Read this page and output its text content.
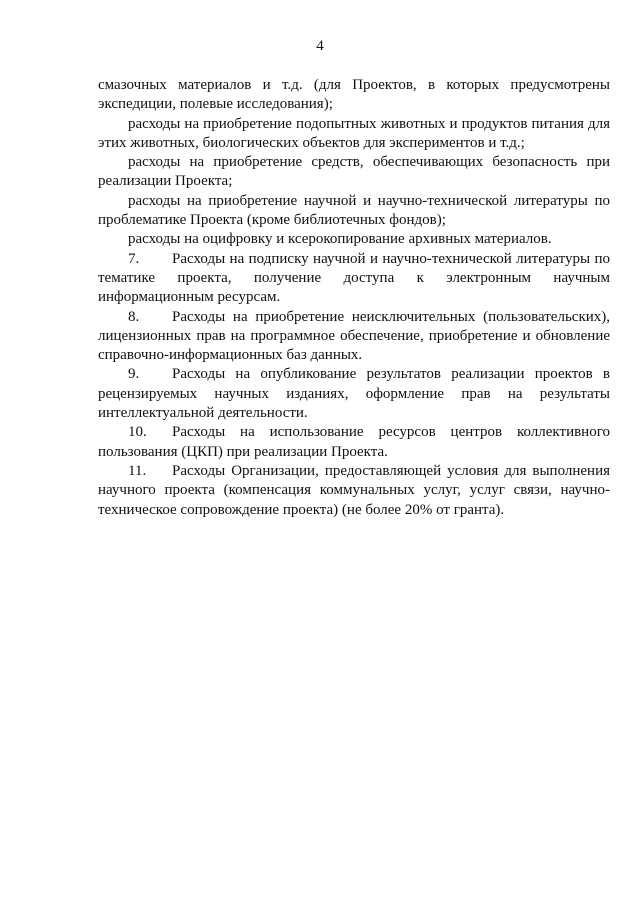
4

смазочных материалов и т.д. (для Проектов, в которых предусмотрены экспедиции, полевые исследования);

расходы на приобретение подопытных животных и продуктов питания для этих животных, биологических объектов для экспериментов и т.д.;

расходы на приобретение средств, обеспечивающих безопасность при реализации Проекта;

расходы на приобретение научной и научно-технической литературы по проблематике Проекта (кроме библиотечных фондов);

расходы на оцифровку и ксерокопирование архивных материалов.

7. Расходы на подписку научной и научно-технической литературы по тематике проекта, получение доступа к электронным научным информационным ресурсам.

8. Расходы на приобретение неисключительных (пользовательских), лицензионных прав на программное обеспечение, приобретение и обновление справочно-информационных баз данных.

9. Расходы на опубликование результатов реализации проектов в рецензируемых научных изданиях, оформление прав на результаты интеллектуальной деятельности.

10. Расходы на использование ресурсов центров коллективного пользования (ЦКП) при реализации Проекта.

11. Расходы Организации, предоставляющей условия для выполнения научного проекта (компенсация коммунальных услуг, услуг связи, научно-техническое сопровождение проекта) (не более 20% от гранта).
